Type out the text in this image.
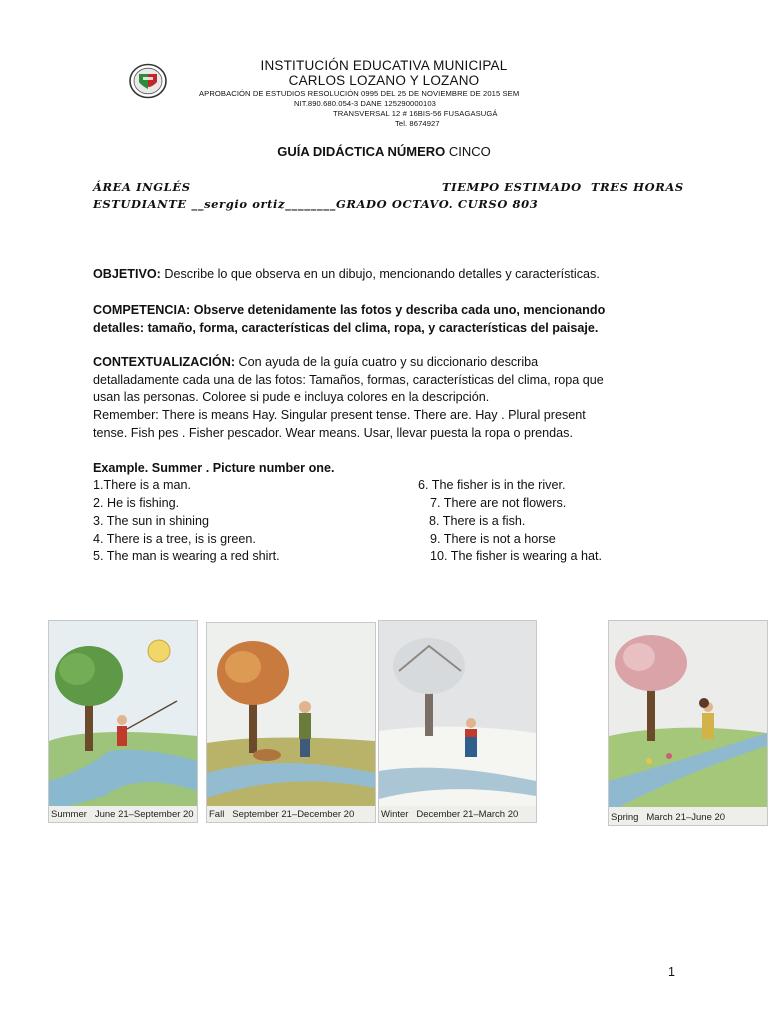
INSTITUCIÓN EDUCATIVA MUNICIPAL
CARLOS LOZANO Y LOZANO
APROBACIÓN DE ESTUDIOS RESOLUCIÓN 0995 DEL 25 DE NOVIEMBRE DE 2015 SEM
NIT.890.680.054-3 DANE 125290000103
TRANSVERSAL 12 # 16BIS-56 FUSAGASUGÁ
Tel. 8674927
GUÍA DIDÁCTICA NÚMERO CINCO
ÁREA INGLÉS	TIEMPO ESTIMADO  TRES HORAS
ESTUDIANTE __sergio ortiz________GRADO OCTAVO. CURSO 803
OBJETIVO: Describe lo que observa en un dibujo, mencionando detalles y características.
COMPETENCIA: Observe detenidamente las fotos y describa cada uno, mencionando
detalles: tamaño, forma, características del clima, ropa, y características del paisaje.
CONTEXTUALIZACIÓN: Con ayuda de la guía cuatro y su diccionario describa
detalladamente cada una de las fotos: Tamaños, formas, características del clima, ropa que
usan las personas. Coloree si pude e incluya colores en la descripción.
Remember: There is means Hay. Singular present tense. There are. Hay . Plural present
tense. Fish pes . Fisher pescador. Wear means. Usar, llevar puesta la ropa o prendas.
Example. Summer . Picture number one.
1.There is a man.
2. He is fishing.
3. The sun in shining
4. There is a tree, is is green.
5. The man is wearing a red shirt.
6. The fisher is in the river.
7. There are not flowers.
8. There is a fish.
9. There is not a horse
10. The fisher is wearing a hat.
Summer June 21–September 20 Fall September 21–December 20	Winter December 21–March 20	Spring March 21–June 20
1
